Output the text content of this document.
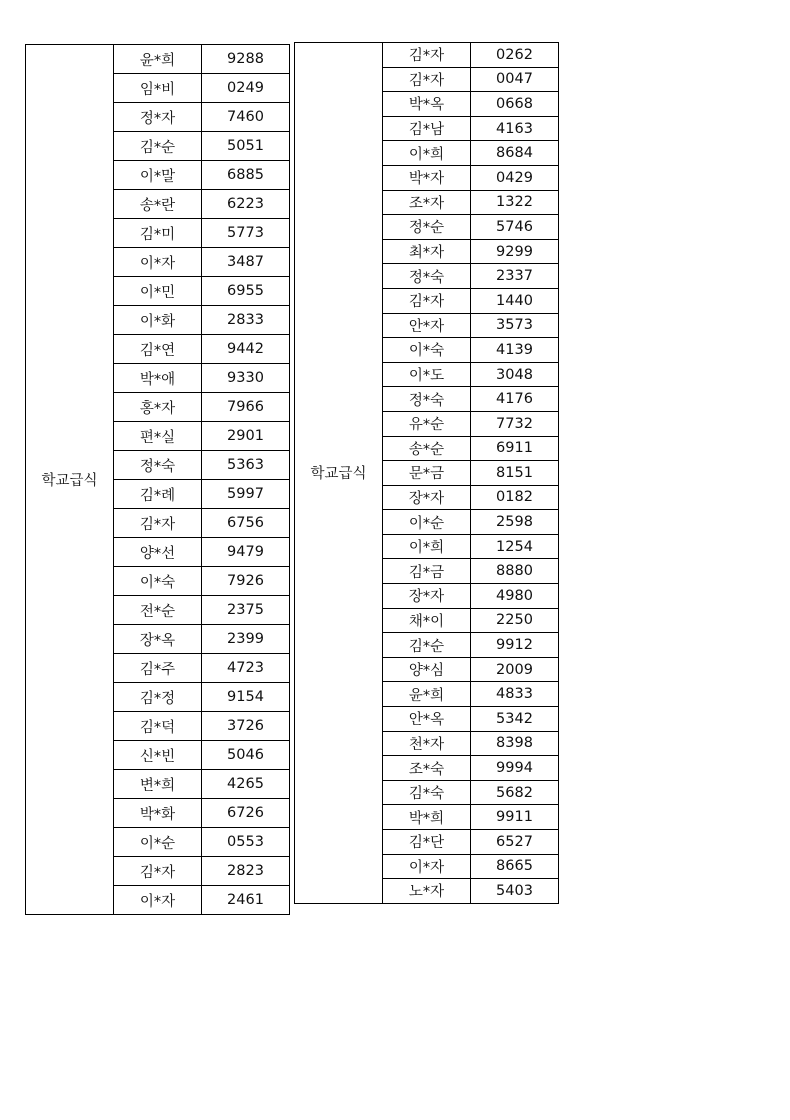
학교급식	윤*희	9288
	임*비	0249
	정*자	7460
	김*순	5051
	이*말	6885
	송*란	6223
	김*미	5773
	이*자	3487
	이*민	6955
	이*화	2833
	김*연	9442
	박*애	9330
	홍*자	7966
	편*실	2901
	정*숙	5363
	김*례	5997
	김*자	6756
	양*선	9479
	이*숙	7926
	전*순	2375
	장*옥	2399
	김*주	4723
	김*정	9154
	김*덕	3726
	신*빈	5046
	변*희	4265
	박*화	6726
	이*순	0553
	김*자	2823
	이*자	2461
학교급식	김*자	0262
	김*자	0047
	박*옥	0668
	김*남	4163
	이*희	8684
	박*자	0429
	조*자	1322
	정*순	5746
	최*자	9299
	정*숙	2337
	김*자	1440
	안*자	3573
	이*숙	4139
	이*도	3048
	정*숙	4176
	유*순	7732
	송*순	6911
	문*금	8151
	장*자	0182
	이*순	2598
	이*희	1254
	김*금	8880
	장*자	4980
	채*이	2250
	김*순	9912
	양*심	2009
	윤*희	4833
	안*옥	5342
	천*자	8398
	조*숙	9994
	김*숙	5682
	박*희	9911
	김*단	6527
	이*자	8665
	노*자	5403
